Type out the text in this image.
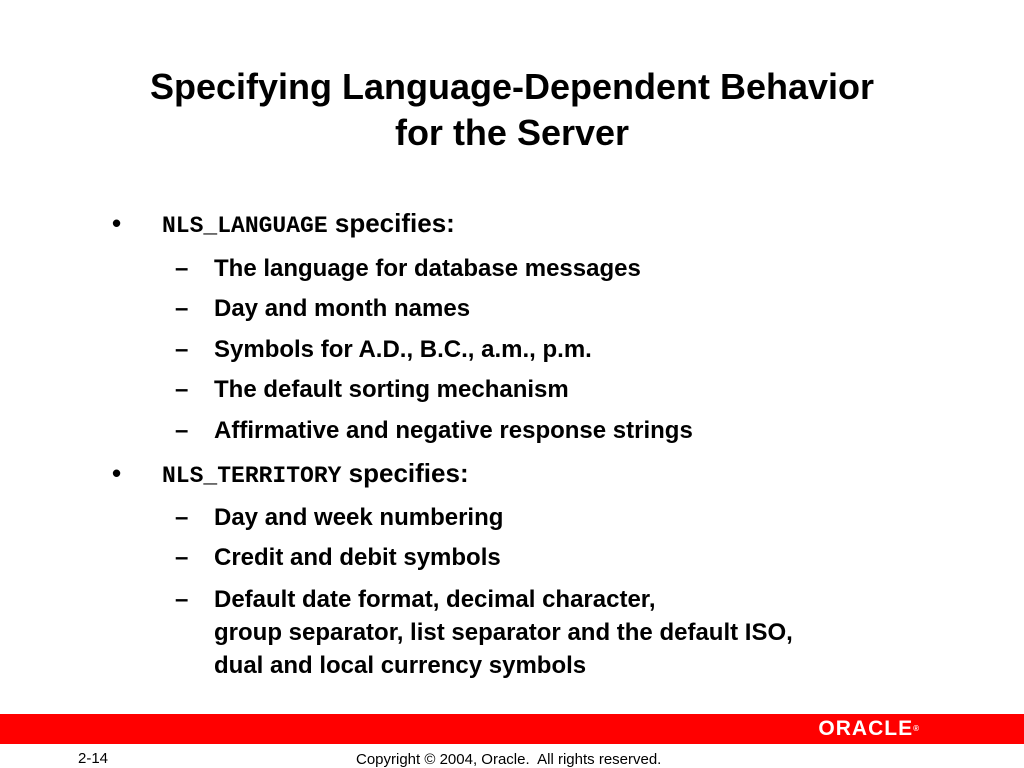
Specifying Language-Dependent Behavior
for the Server
• NLS_LANGUAGE specifies:
– The language for database messages
– Day and month names
– Symbols for A.D., B.C., a.m., p.m.
– The default sorting mechanism
– Affirmative and negative response strings
• NLS_TERRITORY specifies:
– Day and week numbering
– Credit and debit symbols
– Default date format, decimal character,
group separator, list separator and the default ISO,
dual and local currency symbols
ORACLE®
2-14	Copyright © 2004, Oracle.  All rights reserved.
